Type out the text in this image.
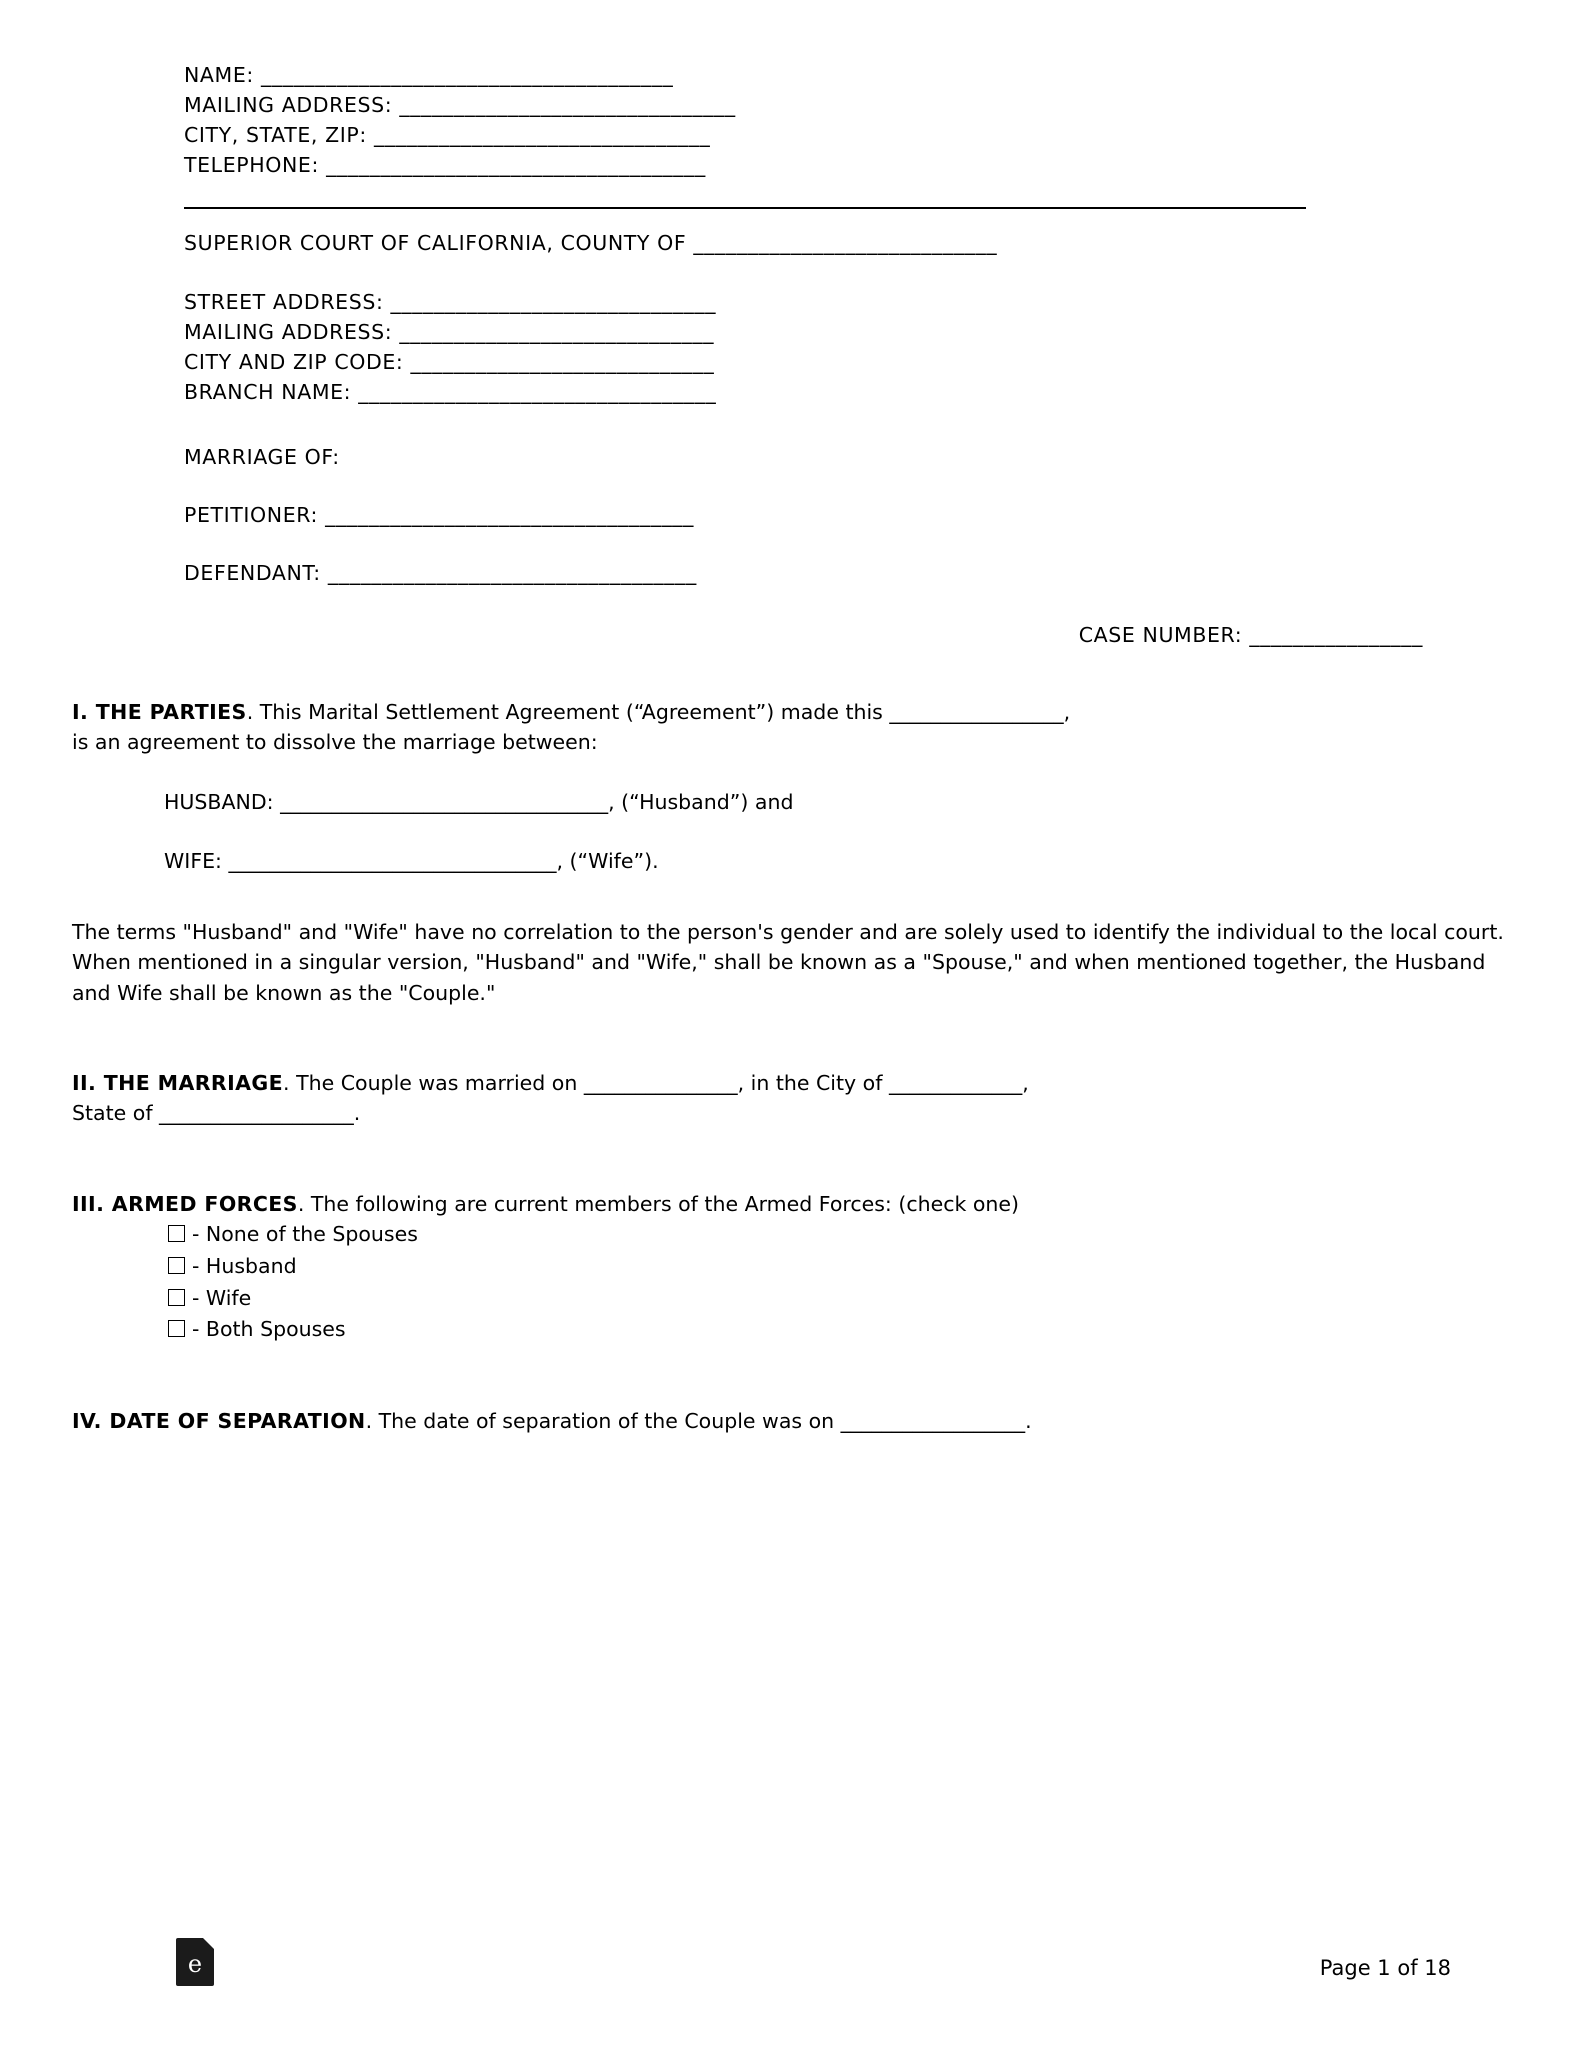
NAME: ______________________________________
MAILING ADDRESS: _______________________________
CITY, STATE, ZIP: _______________________________
TELEPHONE: ___________________________________
SUPERIOR COURT OF CALIFORNIA, COUNTY OF ____________________________
STREET ADDRESS: ______________________________
MAILING ADDRESS: _____________________________
CITY AND ZIP CODE: ____________________________
BRANCH NAME: _________________________________
MARRIAGE OF:
PETITIONER: __________________________________
DEFENDANT: __________________________________
CASE NUMBER: ________________
I. THE PARTIES. This Marital Settlement Agreement (“Agreement”) made this _________________,
is an agreement to dissolve the marriage between:
HUSBAND: ________________________________, (“Husband”) and
WIFE: ________________________________, (“Wife”).
The terms "Husband" and "Wife" have no correlation to the person's gender and are solely used to identify the individual to the local court. When mentioned in a singular version, "Husband" and "Wife," shall be known as a "Spouse," and when mentioned together, the Husband and Wife shall be known as the "Couple."
II. THE MARRIAGE. The Couple was married on _______________, in the City of _____________,
State of ___________________.
III. ARMED FORCES. The following are current members of the Armed Forces: (check one)
- None of the Spouses
- Husband
- Wife
- Both Spouses
IV. DATE OF SEPARATION. The date of separation of the Couple was on __________________.
e	Page 1 of 18
